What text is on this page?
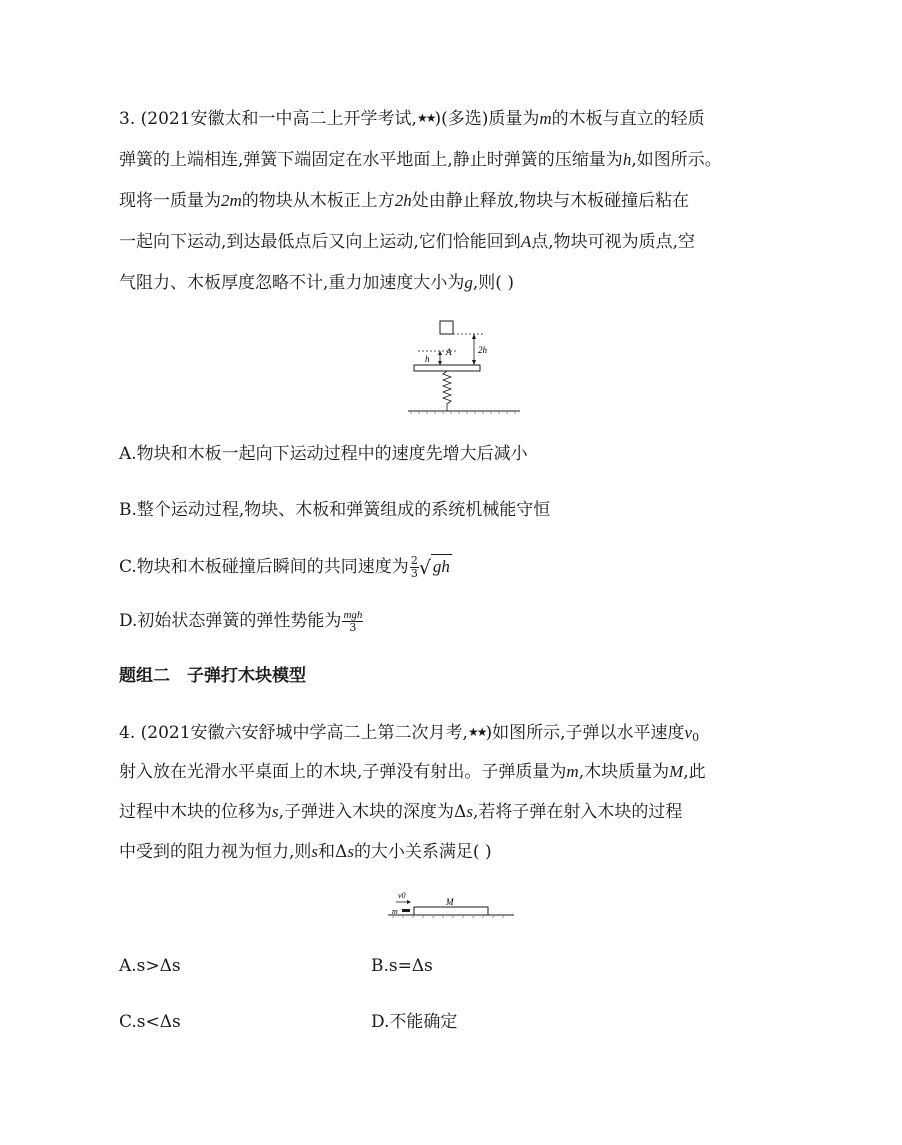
3. (2021安徽太和一中高二上开学考试,★★)(多选)质量为m的木板与直立的轻质
弹簧的上端相连,弹簧下端固定在水平地面上,静止时弹簧的压缩量为h,如图所示。
现将一质量为2m的物块从木板正上方2h处由静止释放,物块与木板碰撞后粘在
一起向下运动,到达最低点后又向上运动,它们恰能回到A点,物块可视为质点,空
气阻力、木板厚度忽略不计,重力加速度大小为g,则( )
2h
A
h
A.物块和木板一起向下运动过程中的速度先增大后减小
B.整个运动过程,物块、木板和弹簧组成的系统机械能守恒
C.物块和木板碰撞后瞬间的共同速度为 $\frac{2}{3}$ √ gh
D.初始状态弹簧的弹性势能为 $\frac{\text{mgh}}{3}$
题组二　子弹打木块模型
4. (2021安徽六安舒城中学高二上第二次月考,★★)如图所示,子弹以水平速度$v_0$
射入放在光滑水平桌面上的木块,子弹没有射出。子弹质量为m,木块质量为M,此
过程中木块的位移为s,子弹进入木块的深度为Δs,若将子弹在射入木块的过程
中受到的阻力视为恒力,则s和Δs的大小关系满足( )
v0
m
M
A.s>Δs	B.s=Δs
C.s<Δs	D.不能确定
